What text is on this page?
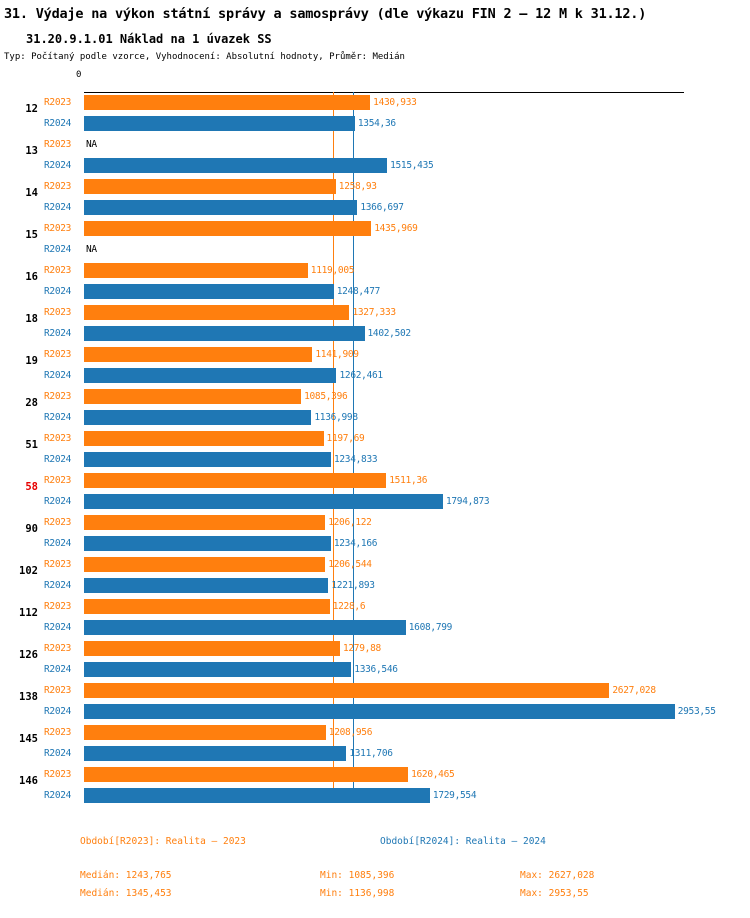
31. Výdaje na výkon státní správy a samosprávy (dle výkazu FIN 2 – 12 M k 31.12.)
31.20.9.1.01 Náklad na 1 úvazek SS
Typ: Počítaný podle vzorce, Vyhodnocení: Absolutní hodnoty, Průměr: Medián
0
12
R2023	1430,933
R2024	1354,36
13
R2023 NA
R2024	1515,435
14
R2023	1258,93
R2024	1366,697
15
R2023	1435,969
R2024 NA
16
R2023	1119,005
R2024	1248,477
18
R2023	1327,333
R2024	1402,502
19
R2023	1141,909
R2024	1262,461
28
R2023	1085,396
R2024	1136,998
51
R2023	1197,69
R2024	1234,833
58
R2023	1511,36
R2024	1794,873
90
R2023	1206,122
R2024	1234,166
102
R2023	1206,544
R2024	1221,893
112
R2023	1228,6
R2024	1608,799
126
R2023	1279,88
R2024	1336,546
138
R2023	2627,028
R2024	2953,55
145
R2023	1208,956
R2024	1311,706
146
R2023	1620,465
R2024	1729,554
Období[R2023]: Realita – 2023	Období[R2024]: Realita – 2024
Medián: 1243,765	Min: 1085,396	Max: 2627,028
Medián: 1345,453	Min: 1136,998	Max: 2953,55
